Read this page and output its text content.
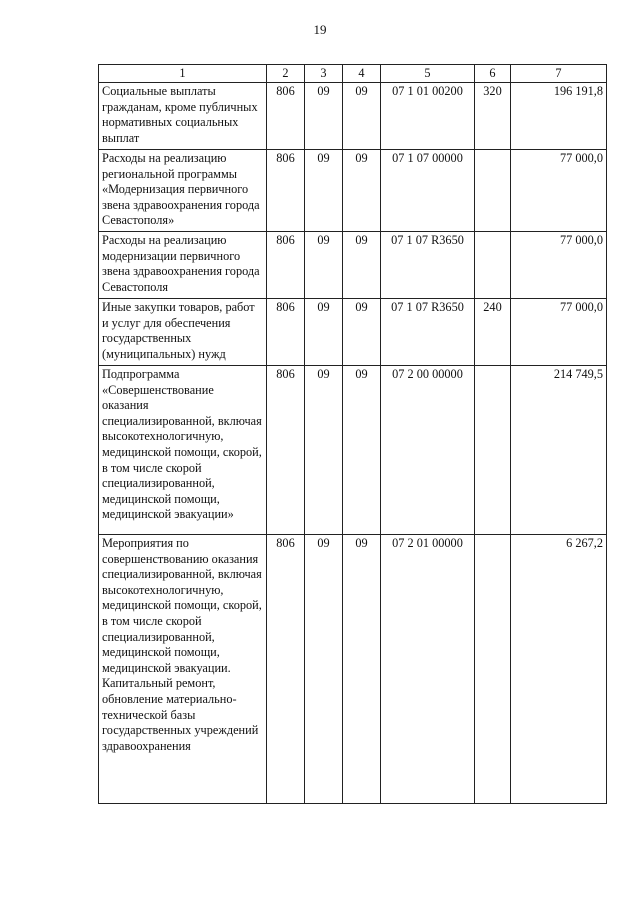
19
1	2	3	4	5	6	7
Социальные выплаты гражданам, кроме публичных нормативных социальных выплат	806	09	09	07 1 01 00200	320	196 191,8
Расходы на реализацию региональной программы «Модернизация первичного звена здравоохранения города Севастополя»	806	09	09	07 1 07 00000		77 000,0
Расходы на реализацию модернизации первичного звена здравоохранения города Севастополя	806	09	09	07 1 07 R3650		77 000,0
Иные закупки товаров, работ и услуг для обеспечения государственных (муниципальных) нужд	806	09	09	07 1 07 R3650	240	77 000,0
Подпрограмма «Совершенствование оказания специализированной, включая высокотехнологичную, медицинской помощи, скорой, в том числе скорой специализированной, медицинской помощи, медицинской эвакуации»	806	09	09	07 2 00 00000		214 749,5
Мероприятия по совершенствованию оказания специализированной, включая высокотехнологичную, медицинской помощи, скорой, в том числе скорой специализированной, медицинской помощи, медицинской эвакуации. Капитальный ремонт, обновление материально-технической базы государственных учреждений здравоохранения	806	09	09	07 2 01 00000		6 267,2
